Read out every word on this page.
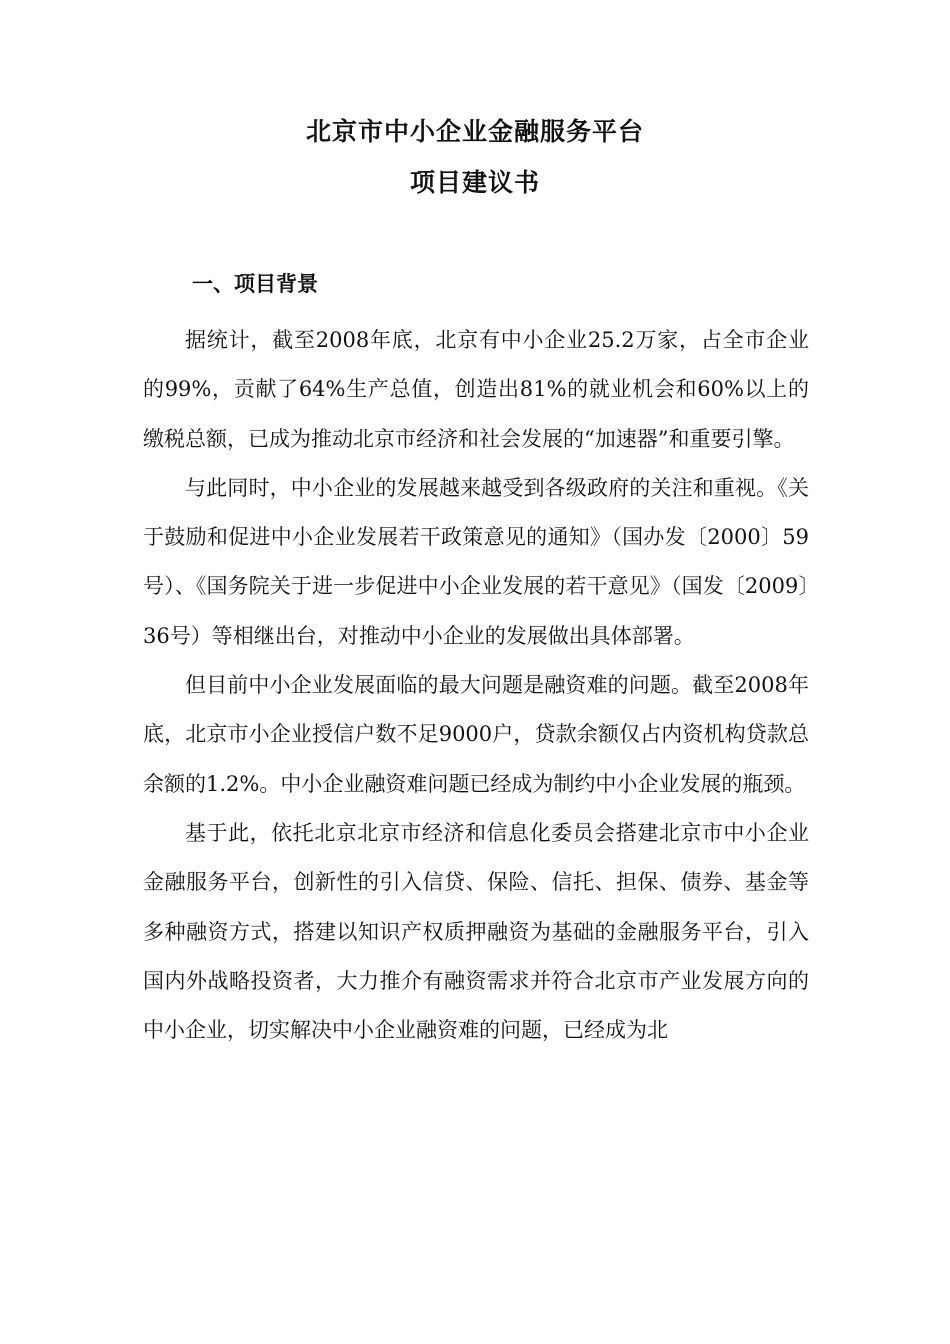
北京市中小企业金融服务平台
项目建议书
一、项目背景

据统计，截至2008年底，北京有中小企业25.2万家，占全市企业的99%，贡献了64%生产总值，创造出81%的就业机会和60%以上的缴税总额，已成为推动北京市经济和社会发展的“加速器”和重要引擎。

与此同时，中小企业的发展越来越受到各级政府的关注和重视。《关于鼓励和促进中小企业发展若干政策意见的通知》（国办发〔2000〕59号）、《国务院关于进一步促进中小企业发展的若干意见》（国发〔2009〕36号）等相继出台，对推动中小企业的发展做出具体部署。

但目前中小企业发展面临的最大问题是融资难的问题。截至2008年底，北京市小企业授信户数不足9000户，贷款余额仅占内资机构贷款总余额的1.2%。中小企业融资难问题已经成为制约中小企业发展的瓶颈。

基于此，依托北京北京市经济和信息化委员会搭建北京市中小企业金融服务平台，创新性的引入信贷、保险、信托、担保、债券、基金等多种融资方式，搭建以知识产权质押融资为基础的金融服务平台，引入国内外战略投资者，大力推介有融资需求并符合北京市产业发展方向的中小企业，切实解决中小企业融资难的问题，已经成为北
